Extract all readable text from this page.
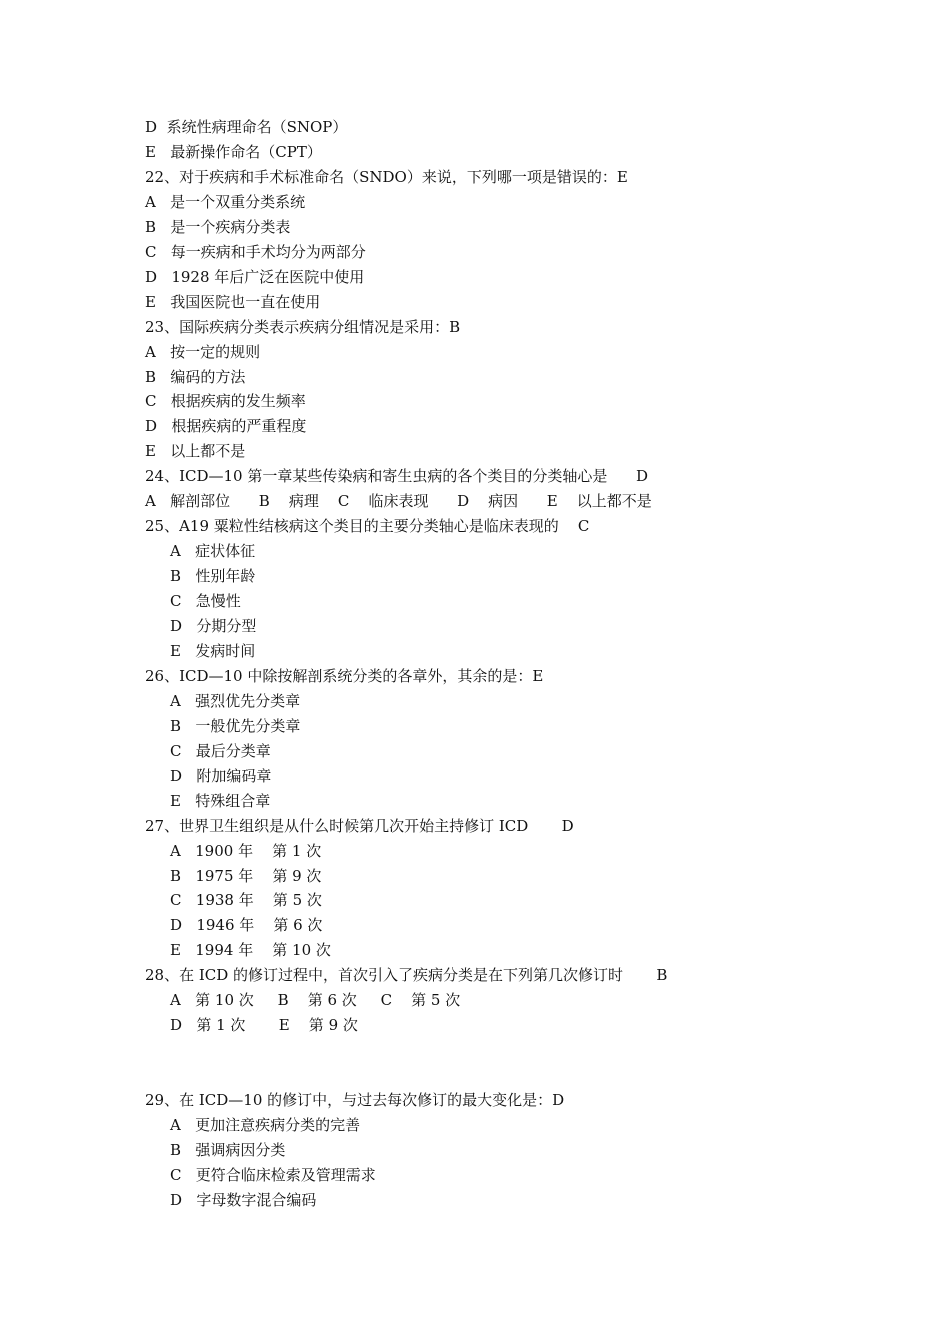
D  系统性病理命名（SNOP）
E   最新操作命名（CPT）
22、对于疾病和手术标准命名（SNDO）来说，下列哪一项是错误的：E
A   是一个双重分类系统
B   是一个疾病分类表
C   每一疾病和手术均分为两部分
D   1928 年后广泛在医院中使用
E   我国医院也一直在使用
23、国际疾病分类表示疾病分组情况是采用：B
A   按一定的规则
B   编码的方法
C   根据疾病的发生频率
D   根据疾病的严重程度
E   以上都不是
24、ICD—10 第一章某些传染病和寄生虫病的各个类目的分类轴心是      D
A   解剖部位      B    病理    C    临床表现      D    病因      E    以上都不是
25、A19 粟粒性结核病这个类目的主要分类轴心是临床表现的    C
A   症状体征
B   性别年龄
C   急慢性
D   分期分型
E   发病时间
26、ICD—10 中除按解剖系统分类的各章外，其余的是：E
A   强烈优先分类章
B   一般优先分类章
C   最后分类章
D   附加编码章
E   特殊组合章
27、世界卫生组织是从什么时候第几次开始主持修订 ICD       D
A   1900 年    第 1 次
B   1975 年    第 9 次
C   1938 年    第 5 次
D   1946 年    第 6 次
E   1994 年    第 10 次
28、在 ICD 的修订过程中，首次引入了疾病分类是在下列第几次修订时       B
A   第 10 次     B    第 6 次     C    第 5 次
D   第 1 次       E    第 9 次
29、在 ICD—10 的修订中，与过去每次修订的最大变化是：D
A   更加注意疾病分类的完善
B   强调病因分类
C   更符合临床检索及管理需求
D   字母数字混合编码
